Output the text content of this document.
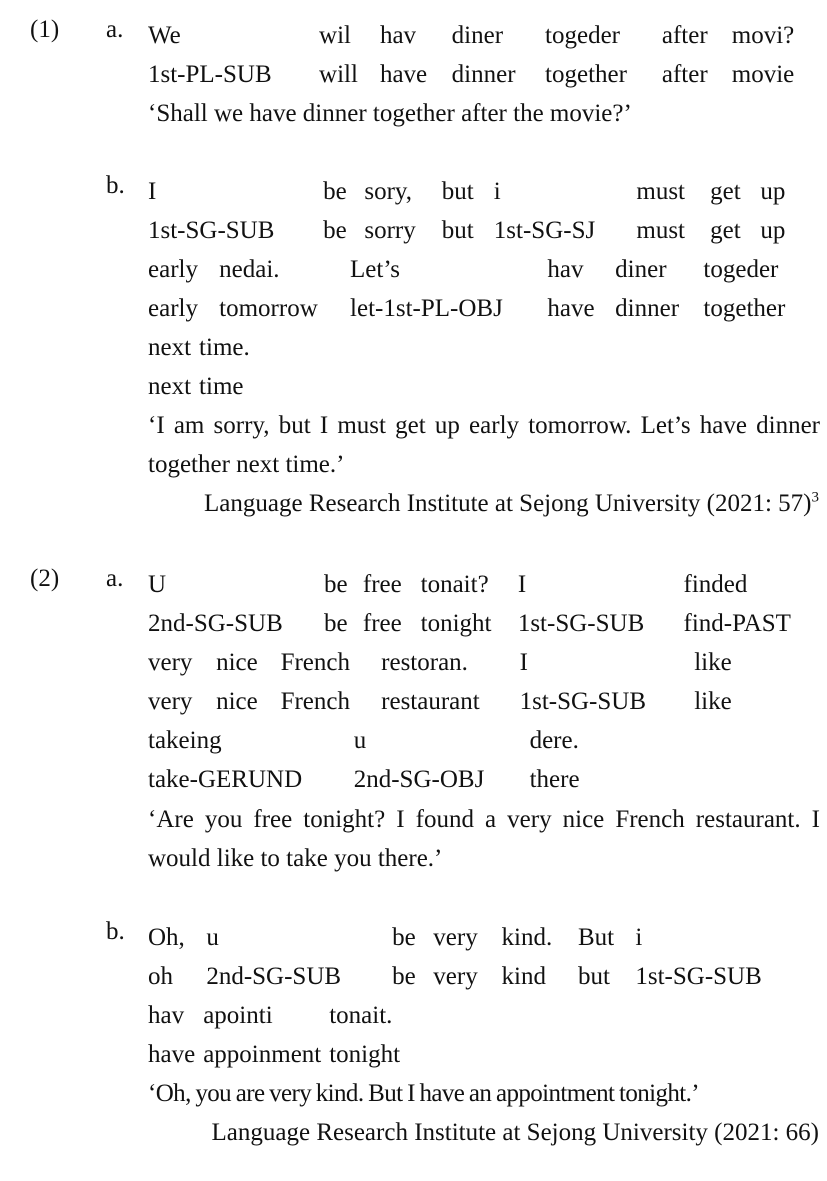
(1) a. We	wil	hav	diner	togeder	after	movi?
1st-PL-SUB	will	have	dinner	together	after	movie
‘Shall we have dinner together after the movie?’
b. I	be	sory,	but	i	must	get	up
1st-SG-SUB	be	sorry	but	1st-SG-SJ	must	get	up
early	nedai.	Let’s	hav	diner	togeder
early	tomorrow	let-1st-PL-OBJ	have	dinner	together
next	time.
next	time
‘I am sorry, but I must get up early tomorrow. Let’s have dinner together next time.’
Language Research Institute at Sejong University (2021: 57)$^3$
(2) a. U	be	free	tonait?	I	finded
2nd-SG-SUB	be	free	tonight	1st-SG-SUB	find-PAST
very	nice	French	restoran.	I	like
very	nice	French	restaurant	1st-SG-SUB	like
takeing	u	dere.
take-GERUND	2nd-SG-OBJ	there
‘Are you free tonight? I found a very nice French restaurant. I would like to take you there.’
b. Oh,	u	be	very	kind.	But	i
oh	2nd-SG-SUB	be	very	kind	but	1st-SG-SUB
hav	apointi	tonait.
have	appoinment	tonight
‘Oh, you are very kind. But I have an appointment tonight.’
Language Research Institute at Sejong University (2021: 66)
